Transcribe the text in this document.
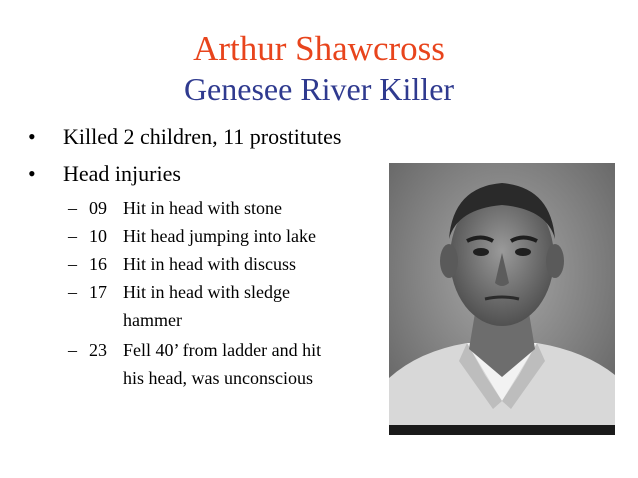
Arthur Shawcross
Genesee River Killer
• Killed 2 children, 11 prostitutes
• Head injuries
– 09 Hit in head with stone
– 10 Hit head jumping into lake
– 16 Hit in head with discuss
– 17 Hit in head with sledge
hammer
– 23 Fell 40’ from ladder and hit
his head, was unconscious
